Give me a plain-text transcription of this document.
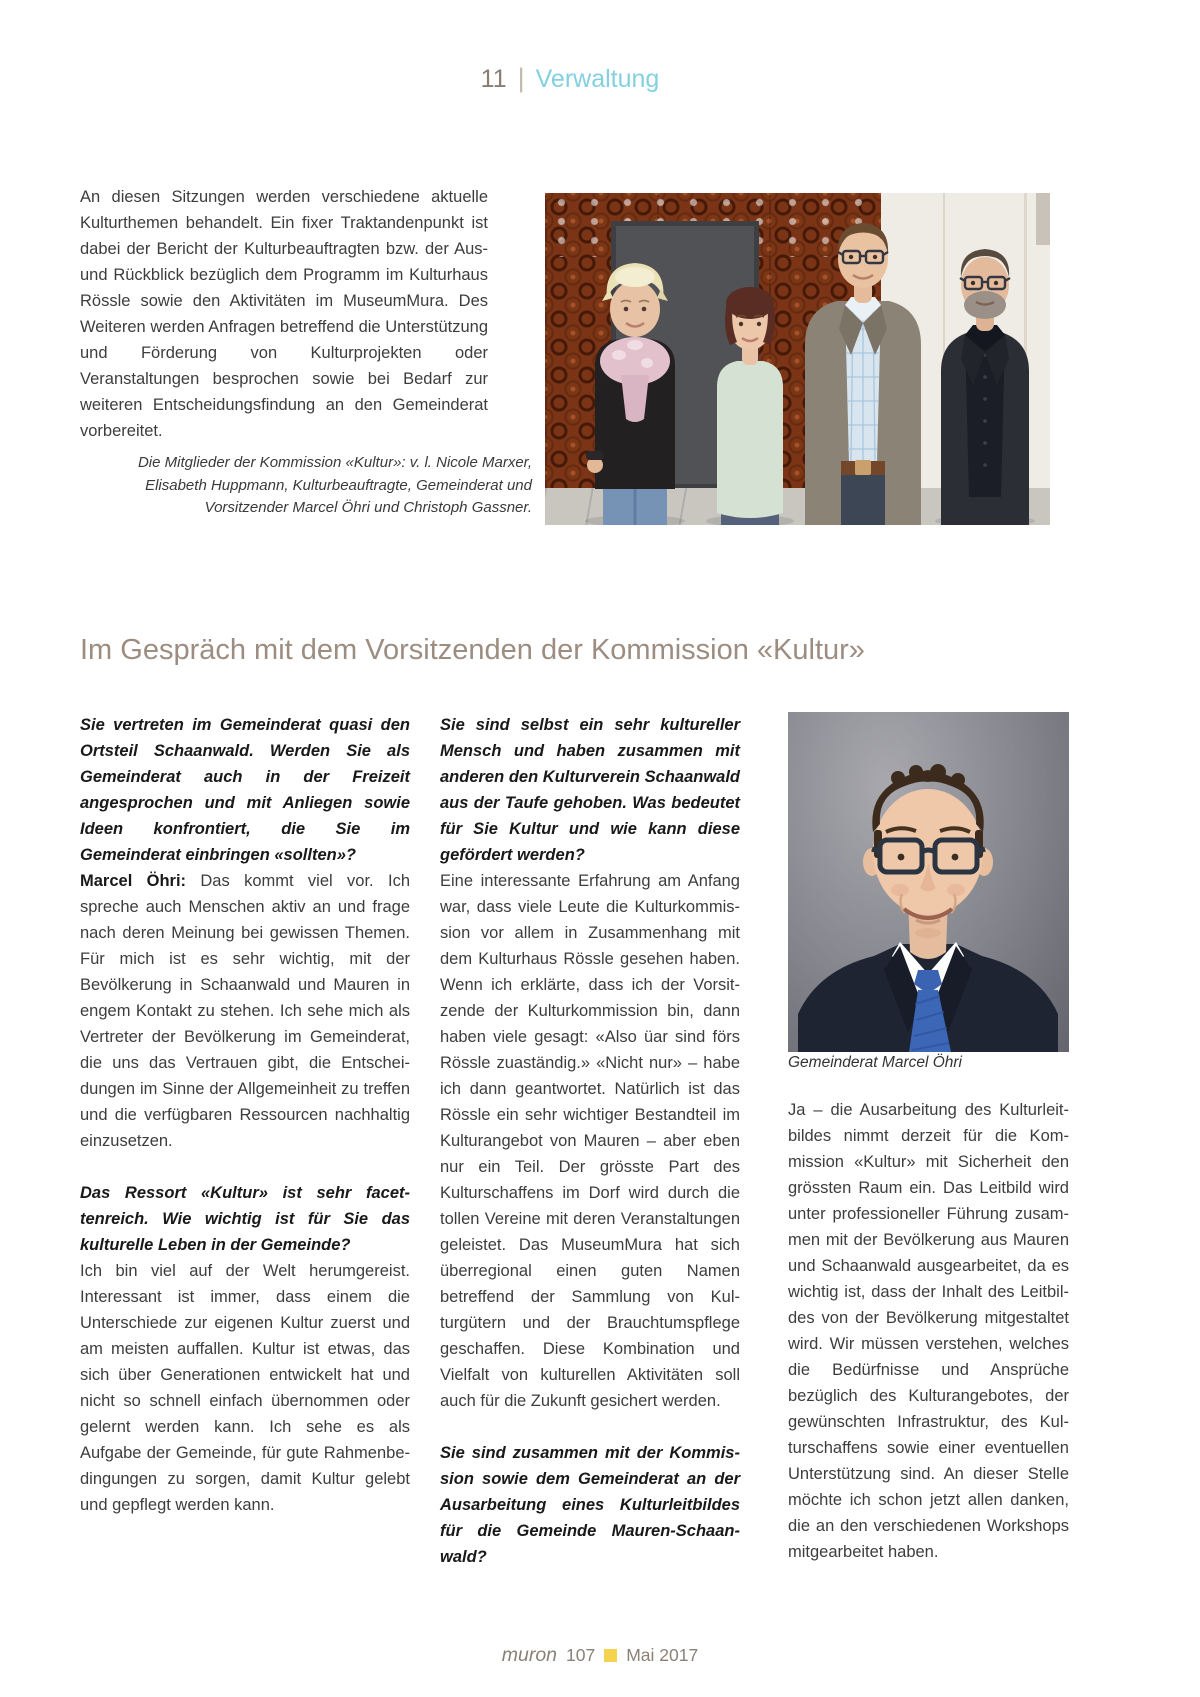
11 | Verwaltung

An diesen Sitzungen werden verschiedene aktuelle Kulturthemen behandelt. Ein fixer Traktandenpunkt ist dabei der Bericht der Kulturbeauftragten bzw. der Aus- und Rückblick bezüglich dem Programm im Kulturhaus Rössle sowie den Aktivitäten im MuseumMura. Des Weiteren werden Anfragen betreffend die Unterstützung und Förderung von Kulturprojekten oder Veranstaltungen besprochen sowie bei Bedarf zur weiteren Entscheidungsfindung an den Gemeinderat vorbereitet.

Die Mitglieder der Kommission «Kultur»: v. l. Nicole Marxer, Elisabeth Huppmann, Kulturbeauftragte, Gemeinderat und Vorsitzender Marcel Öhri und Christoph Gassner.
Im Gespräch mit dem Vorsitzenden der Kommission «Kultur»

Sie vertreten im Gemeinderat quasi den Ortsteil Schaanwald. Werden Sie als Gemeinderat auch in der Freizeit angesprochen und mit Anliegen sowie Ideen konfrontiert, die Sie im Gemeinderat einbringen «sollten»?

Marcel Öhri: Das kommt viel vor. Ich spreche auch Menschen aktiv an und frage nach deren Meinung bei gewissen Themen. Für mich ist es sehr wichtig, mit der Bevölkerung in Schaanwald und Mauren in engem Kontakt zu stehen. Ich sehe mich als Vertreter der Bevölkerung im Gemeinderat, die uns das Vertrauen gibt, die Entscheidungen im Sinne der Allgemeinheit zu treffen und die verfügbaren Ressourcen nachhaltig einzusetzen.

Das Ressort «Kultur» ist sehr facettenreich. Wie wichtig ist für Sie das kulturelle Leben in der Gemeinde?

Ich bin viel auf der Welt herumgereist. Interessant ist immer, dass einem die Unterschiede zur eigenen Kultur zuerst und am meisten auffallen. Kultur ist etwas, das sich über Generationen entwickelt hat und nicht so schnell einfach übernommen oder gelernt werden kann. Ich sehe es als Aufgabe der Gemeinde, für gute Rahmenbedingungen zu sorgen, damit Kultur gelebt und gepflegt werden kann.

Sie sind selbst ein sehr kultureller Mensch und haben zusammen mit anderen den Kulturverein Schaanwald aus der Taufe gehoben. Was bedeutet für Sie Kultur und wie kann diese gefördert werden?

Eine interessante Erfahrung am Anfang war, dass viele Leute die Kulturkommission vor allem in Zusammenhang mit dem Kulturhaus Rössle gesehen haben. Wenn ich erklärte, dass ich der Vorsitzende der Kulturkommission bin, dann haben viele gesagt: «Also üar sind förs Rössle zuaständig.» «Nicht nur» – habe ich dann geantwortet. Natürlich ist das Rössle ein sehr wichtiger Bestandteil im Kulturangebot von Mauren – aber eben nur ein Teil. Der grösste Part des Kulturschaffens im Dorf wird durch die tollen Vereine mit deren Veranstaltungen geleistet. Das MuseumMura hat sich überregional einen guten Namen betreffend der Sammlung von Kulturgütern und der Brauchtumspflege geschaffen. Diese Kombination und Vielfalt von kulturellen Aktivitäten soll auch für die Zukunft gesichert werden.

Sie sind zusammen mit der Kommission sowie dem Gemeinderat an der Ausarbeitung eines Kulturleitbildes für die Gemeinde Mauren-Schaanwald?

Gemeinderat Marcel Öhri

Ja – die Ausarbeitung des Kulturleitbildes nimmt derzeit für die Kommission «Kultur» mit Sicherheit den grössten Raum ein. Das Leitbild wird unter professioneller Führung zusammen mit der Bevölkerung aus Mauren und Schaanwald ausgearbeitet, da es wichtig ist, dass der Inhalt des Leitbildes von der Bevölkerung mitgestaltet wird. Wir müssen verstehen, welches die Bedürfnisse und Ansprüche bezüglich des Kulturangebotes, der gewünschten Infrastruktur, des Kulturschaffens sowie einer eventuellen Unterstützung sind. An dieser Stelle möchte ich schon jetzt allen danken, die an den verschiedenen Workshops mitgearbeitet haben.

muron 107 Mai 2017
